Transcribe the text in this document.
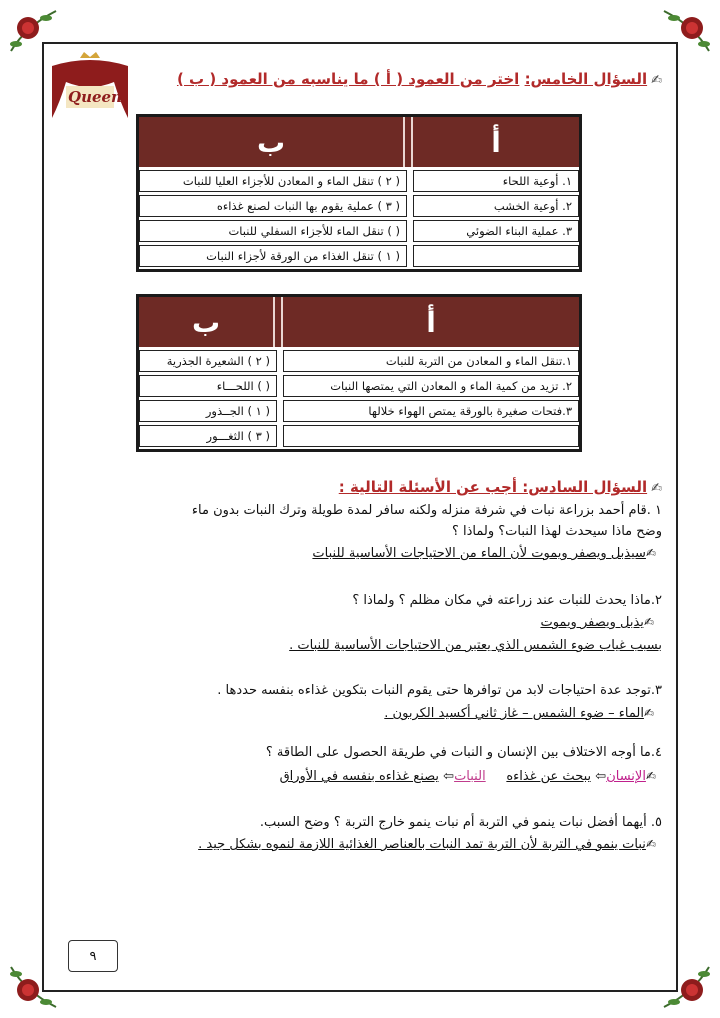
Queen
✍السؤال الخامس: اختر من العمود ( أ ) ما يناسبه من العمود ( ب )
أ
ب
١. أوعية اللحاء
( ٢ ) تنقل الماء و المعادن للأجزاء العليا للنبات
٢. أوعية الخشب
( ٣ ) عملية يقوم بها النبات لصنع غذاءه
٣. عملية البناء الضوئي
( ) تنقل الماء للأجزاء السفلي للنبات
( ١ ) تنقل الغذاء من الورقة لأجزاء النبات
أ
ب
١.تنقل الماء و المعادن من التربة للنبات
( ٢ ) الشعيرة الجذرية
٢. تزيد من كمية الماء و المعادن التي يمتصها النبات
( ) اللحـــاء
٣.فتحات صغيرة بالورقة يمتص الهواء خلالها
( ١ ) الجــذور
( ٣ ) الثغـــور
✍السؤال السادس: أجب عن الأسئلة التالية :
١ .قام أحمد بزراعة نبات في شرفة منزله ولكنه سافر لمدة طويلة وترك النبات بدون ماء
وضح ماذا سيحدث لهذا النبات؟ ولماذا ؟
✍سيذبل ويصفر ويموت لأن الماء من الاحتياجات الأساسية للنبات
٢.ماذا يحدث للنبات عند زراعته في مكان مظلم ؟ ولماذا ؟
✍يذبل ويصفر ويموت
بسبب غياب ضوء الشمس الذي يعتبر من الاحتياجات الأساسية للنبات .
٣.توجد عدة احتياجات لابد من توافرها حتى يقوم النبات بتكوين غذاءه بنفسه حددها .
✍الماء – ضوء الشمس – غاز ثاني أكسيد الكربون .
٤.ما أوجه الاختلاف بين الإنسان و النبات في طريقة الحصول على الطاقة ؟
✍الإنسان⇦ يبحث عن غذاءه     النبات⇦ يصنع غذاءه بنفسه في الأوراق
٥. أيهما أفضل نبات ينمو في التربة أم نبات ينمو خارج التربة ؟ وضح السبب.
✍نبات ينمو في التربة لأن التربة تمد النبات بالعناصر الغذائية اللازمة لنموه بشكل جيد .
٩
